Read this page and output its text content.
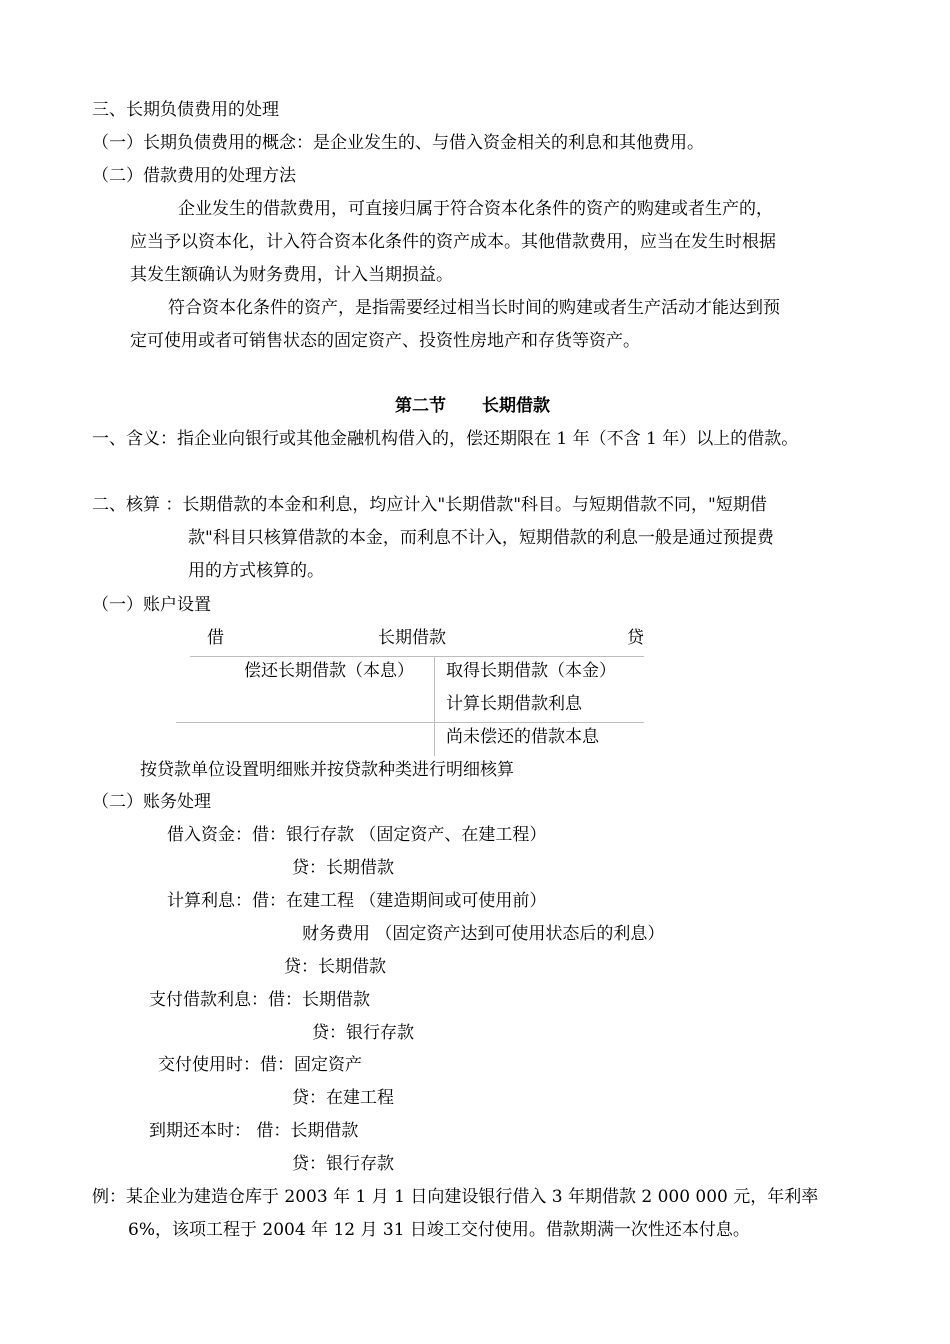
三、长期负债费用的处理
（一）长期负债费用的概念：是企业发生的、与借入资金相关的利息和其他费用。
（二）借款费用的处理方法
企业发生的借款费用，可直接归属于符合资本化条件的资产的购建或者生产的，
应当予以资本化，计入符合资本化条件的资产成本。其他借款费用，应当在发生时根据
其发生额确认为财务费用，计入当期损益。
符合资本化条件的资产，是指需要经过相当长时间的购建或者生产活动才能达到预
定可使用或者可销售状态的固定资产、投资性房地产和存货等资产。
第二节 长期借款
一、含义：指企业向银行或其他金融机构借入的，偿还期限在 1 年（不含 1 年）以上的借款。
二、核算 ：长期借款的本金和利息，均应计入"长期借款"科目。与短期借款不同，"短期借
款"科目只核算借款的本金，而利息不计入，短期借款的利息一般是通过预提费
用的方式核算的。
（一）账户设置
借	长期借款	贷
偿还长期借款（本息） 取得长期借款（本金）
计算长期借款利息
尚未偿还的借款本息
按贷款单位设置明细账并按贷款种类进行明细核算
（二）账务处理
借入资金：借：银行存款 （固定资产、在建工程）
贷：长期借款
计算利息：借：在建工程 （建造期间或可使用前）
财务费用 （固定资产达到可使用状态后的利息）
贷：长期借款
支付借款利息：借：长期借款
贷：银行存款
交付使用时：借：固定资产
贷：在建工程
到期还本时： 借：长期借款
贷：银行存款
例：某企业为建造仓库于 2003 年 1 月 1 日向建设银行借入 3 年期借款 2 000 000 元，年利率
6%，该项工程于 2004 年 12 月 31 日竣工交付使用。借款期满一次性还本付息。
